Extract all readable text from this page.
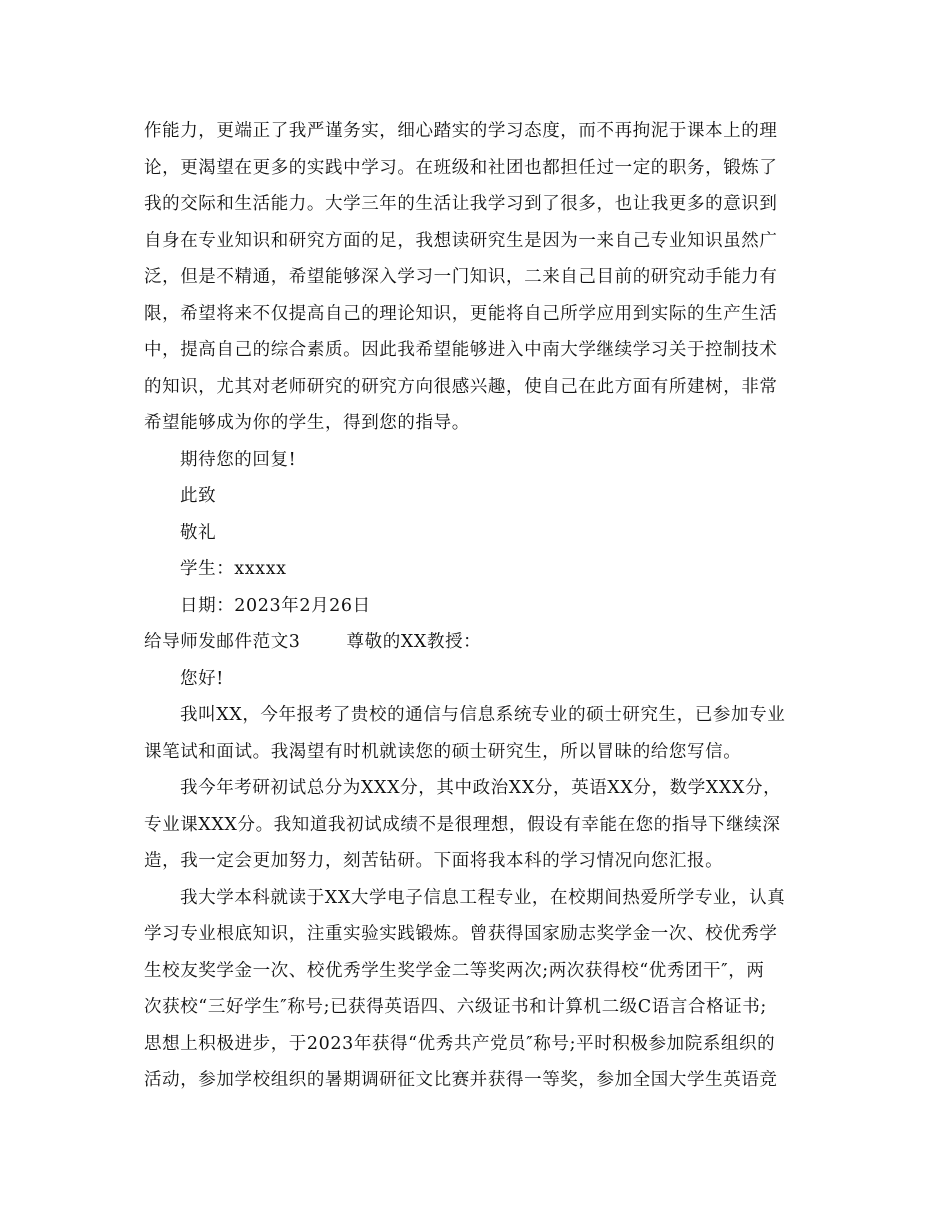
作能力，更端正了我严谨务实，细心踏实的学习态度，而不再拘泥于课本上的理
论，更渴望在更多的实践中学习。在班级和社团也都担任过一定的职务，锻炼了
我的交际和生活能力。大学三年的生活让我学习到了很多，也让我更多的意识到
自身在专业知识和研究方面的足，我想读研究生是因为一来自己专业知识虽然广
泛，但是不精通，希望能够深入学习一门知识，二来自己目前的研究动手能力有
限，希望将来不仅提高自己的理论知识，更能将自己所学应用到实际的生产生活
中，提高自己的综合素质。因此我希望能够进入中南大学继续学习关于控制技术
的知识，尤其对老师研究的研究方向很感兴趣，使自己在此方面有所建树，非常
希望能够成为你的学生，得到您的指导。
期待您的回复!
此致
敬礼
学生：xxxxx
日期：2023年2月26日
给导师发邮件范文3	尊敬的XX教授：
您好!
我叫XX，今年报考了贵校的通信与信息系统专业的硕士研究生，已参加专业
课笔试和面试。我渴望有时机就读您的硕士研究生，所以冒昧的给您写信。
我今年考研初试总分为XXX分，其中政治XX分，英语XX分，数学XXX分，
专业课XXX分。我知道我初试成绩不是很理想，假设有幸能在您的指导下继续深
造，我一定会更加努力，刻苦钻研。下面将我本科的学习情况向您汇报。
我大学本科就读于XX大学电子信息工程专业，在校期间热爱所学专业，认真
学习专业根底知识，注重实验实践锻炼。曾获得国家励志奖学金一次、校优秀学
生校友奖学金一次、校优秀学生奖学金二等奖两次;两次获得校“优秀团干″，两
次获校“三好学生″称号;已获得英语四、六级证书和计算机二级C语言合格证书;
思想上积极进步，于2023年获得“优秀共产党员″称号;平时积极参加院系组织的
活动，参加学校组织的暑期调研征文比赛并获得一等奖，参加全国大学生英语竞
